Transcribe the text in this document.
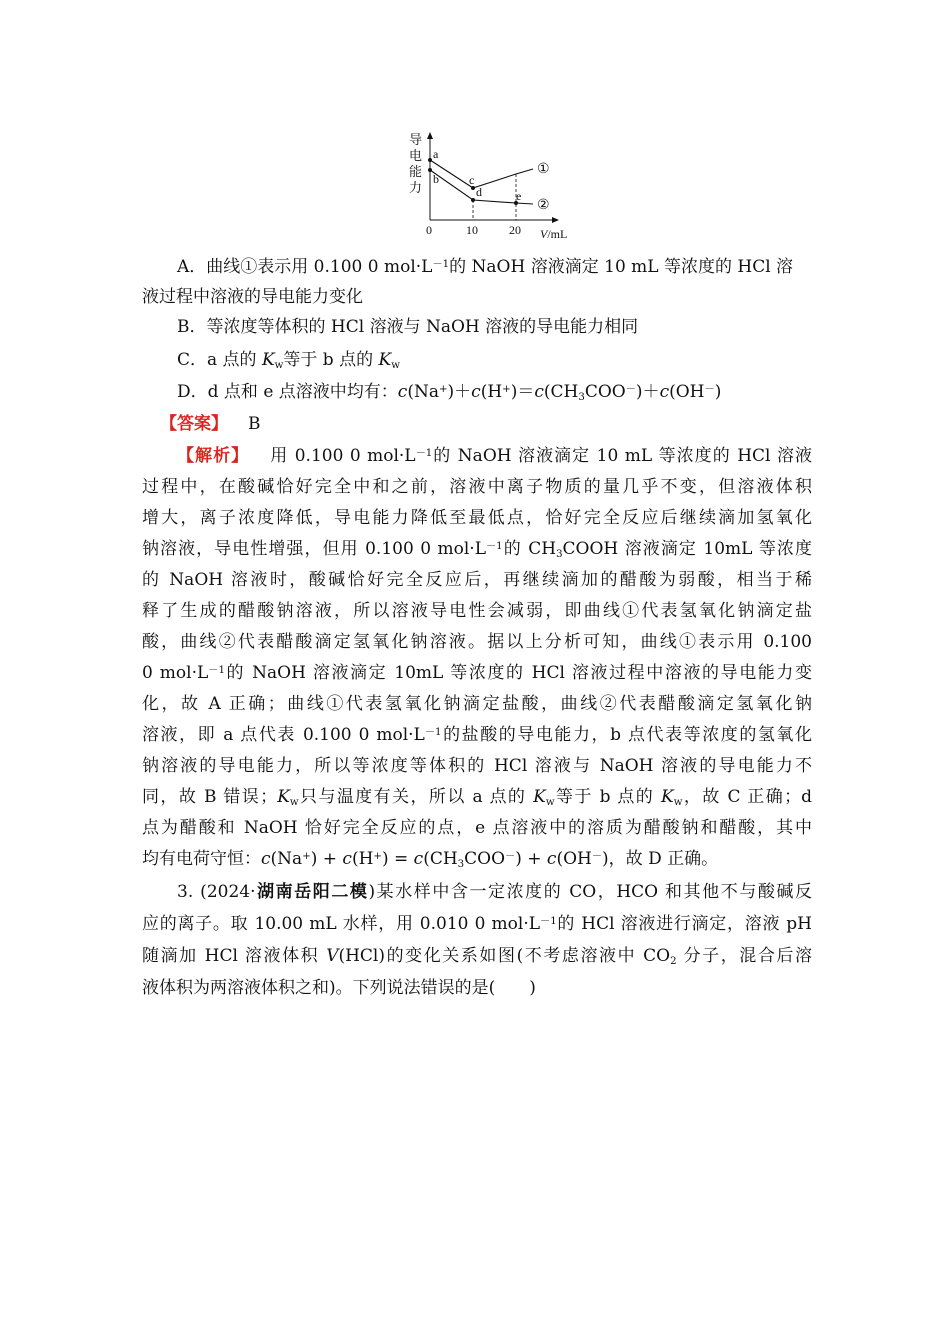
导
电
能
力
a
b	c
d	e
①
②
0	10	20 V/mL
A．曲线①表示用 0.100 0 $mol\cdot L^{-1}$的 NaOH 溶液滴定 10 mL 等浓度的 HCl 溶
液过程中溶液的导电能力变化
B．等浓度等体积的 HCl 溶液与 NaOH 溶液的导电能力相同
C．a 点的 $K_w$等于 b 点的 $K_w$
D．d 点和 e 点溶液中均有：$c(Na^+)+c(H^+)=c(CH_3COO^-)+c(OH^-)$
【答案】 B
【解析】 用 0.100 0 $mol\cdot L^{-1}$的 NaOH 溶液滴定 10 mL 等浓度的 HCl 溶液
过程中，在酸碱恰好完全中和之前，溶液中离子物质的量几乎不变，但溶液体积
增大，离子浓度降低，导电能力降低至最低点，恰好完全反应后继续滴加氢氧化
钠溶液，导电性增强，但用 0.100 0 $mol\cdot L^{-1}$的 $CH_3COOH$ 溶液滴定 10mL 等浓度
的 NaOH 溶液时，酸碱恰好完全反应后，再继续滴加的醋酸为弱酸，相当于稀
释了生成的醋酸钠溶液，所以溶液导电性会减弱，即曲线①代表氢氧化钠滴定盐
酸，曲线②代表醋酸滴定氢氧化钠溶液。据以上分析可知，曲线①表示用 0.100
0 $mol\cdot L^{-1}$的 NaOH 溶液滴定 10mL 等浓度的 HCl 溶液过程中溶液的导电能力变
化，故 A 正确；曲线①代表氢氧化钠滴定盐酸，曲线②代表醋酸滴定氢氧化钠
溶液，即 a 点代表 0.100 0 $mol\cdot L^{-1}$的盐酸的导电能力，b 点代表等浓度的氢氧化
钠溶液的导电能力，所以等浓度等体积的 HCl 溶液与 NaOH 溶液的导电能力不
同，故 B 错误；$K_w$只与温度有关，所以 a 点的 $K_w$等于 b 点的 $K_w$，故 C 正确；d
点为醋酸和 NaOH 恰好完全反应的点，e 点溶液中的溶质为醋酸钠和醋酸，其中
均有电荷守恒：$c(Na^+) + c(H^+) = c(CH_3COO^-) + c(OH^-)$，故 D 正确。
3. (2024·湖南岳阳二模)某水样中含一定浓度的 CO，HCO 和其他不与酸碱反
应的离子。取 10.00 mL 水样，用 0.010 0 $mol\cdot L^{-1}$的 HCl 溶液进行滴定，溶液 pH
随滴加 HCl 溶液体积 V(HCl)的变化关系如图(不考虑溶液中 $CO_2$ 分子，混合后溶
液体积为两溶液体积之和)。下列说法错误的是(　　)
